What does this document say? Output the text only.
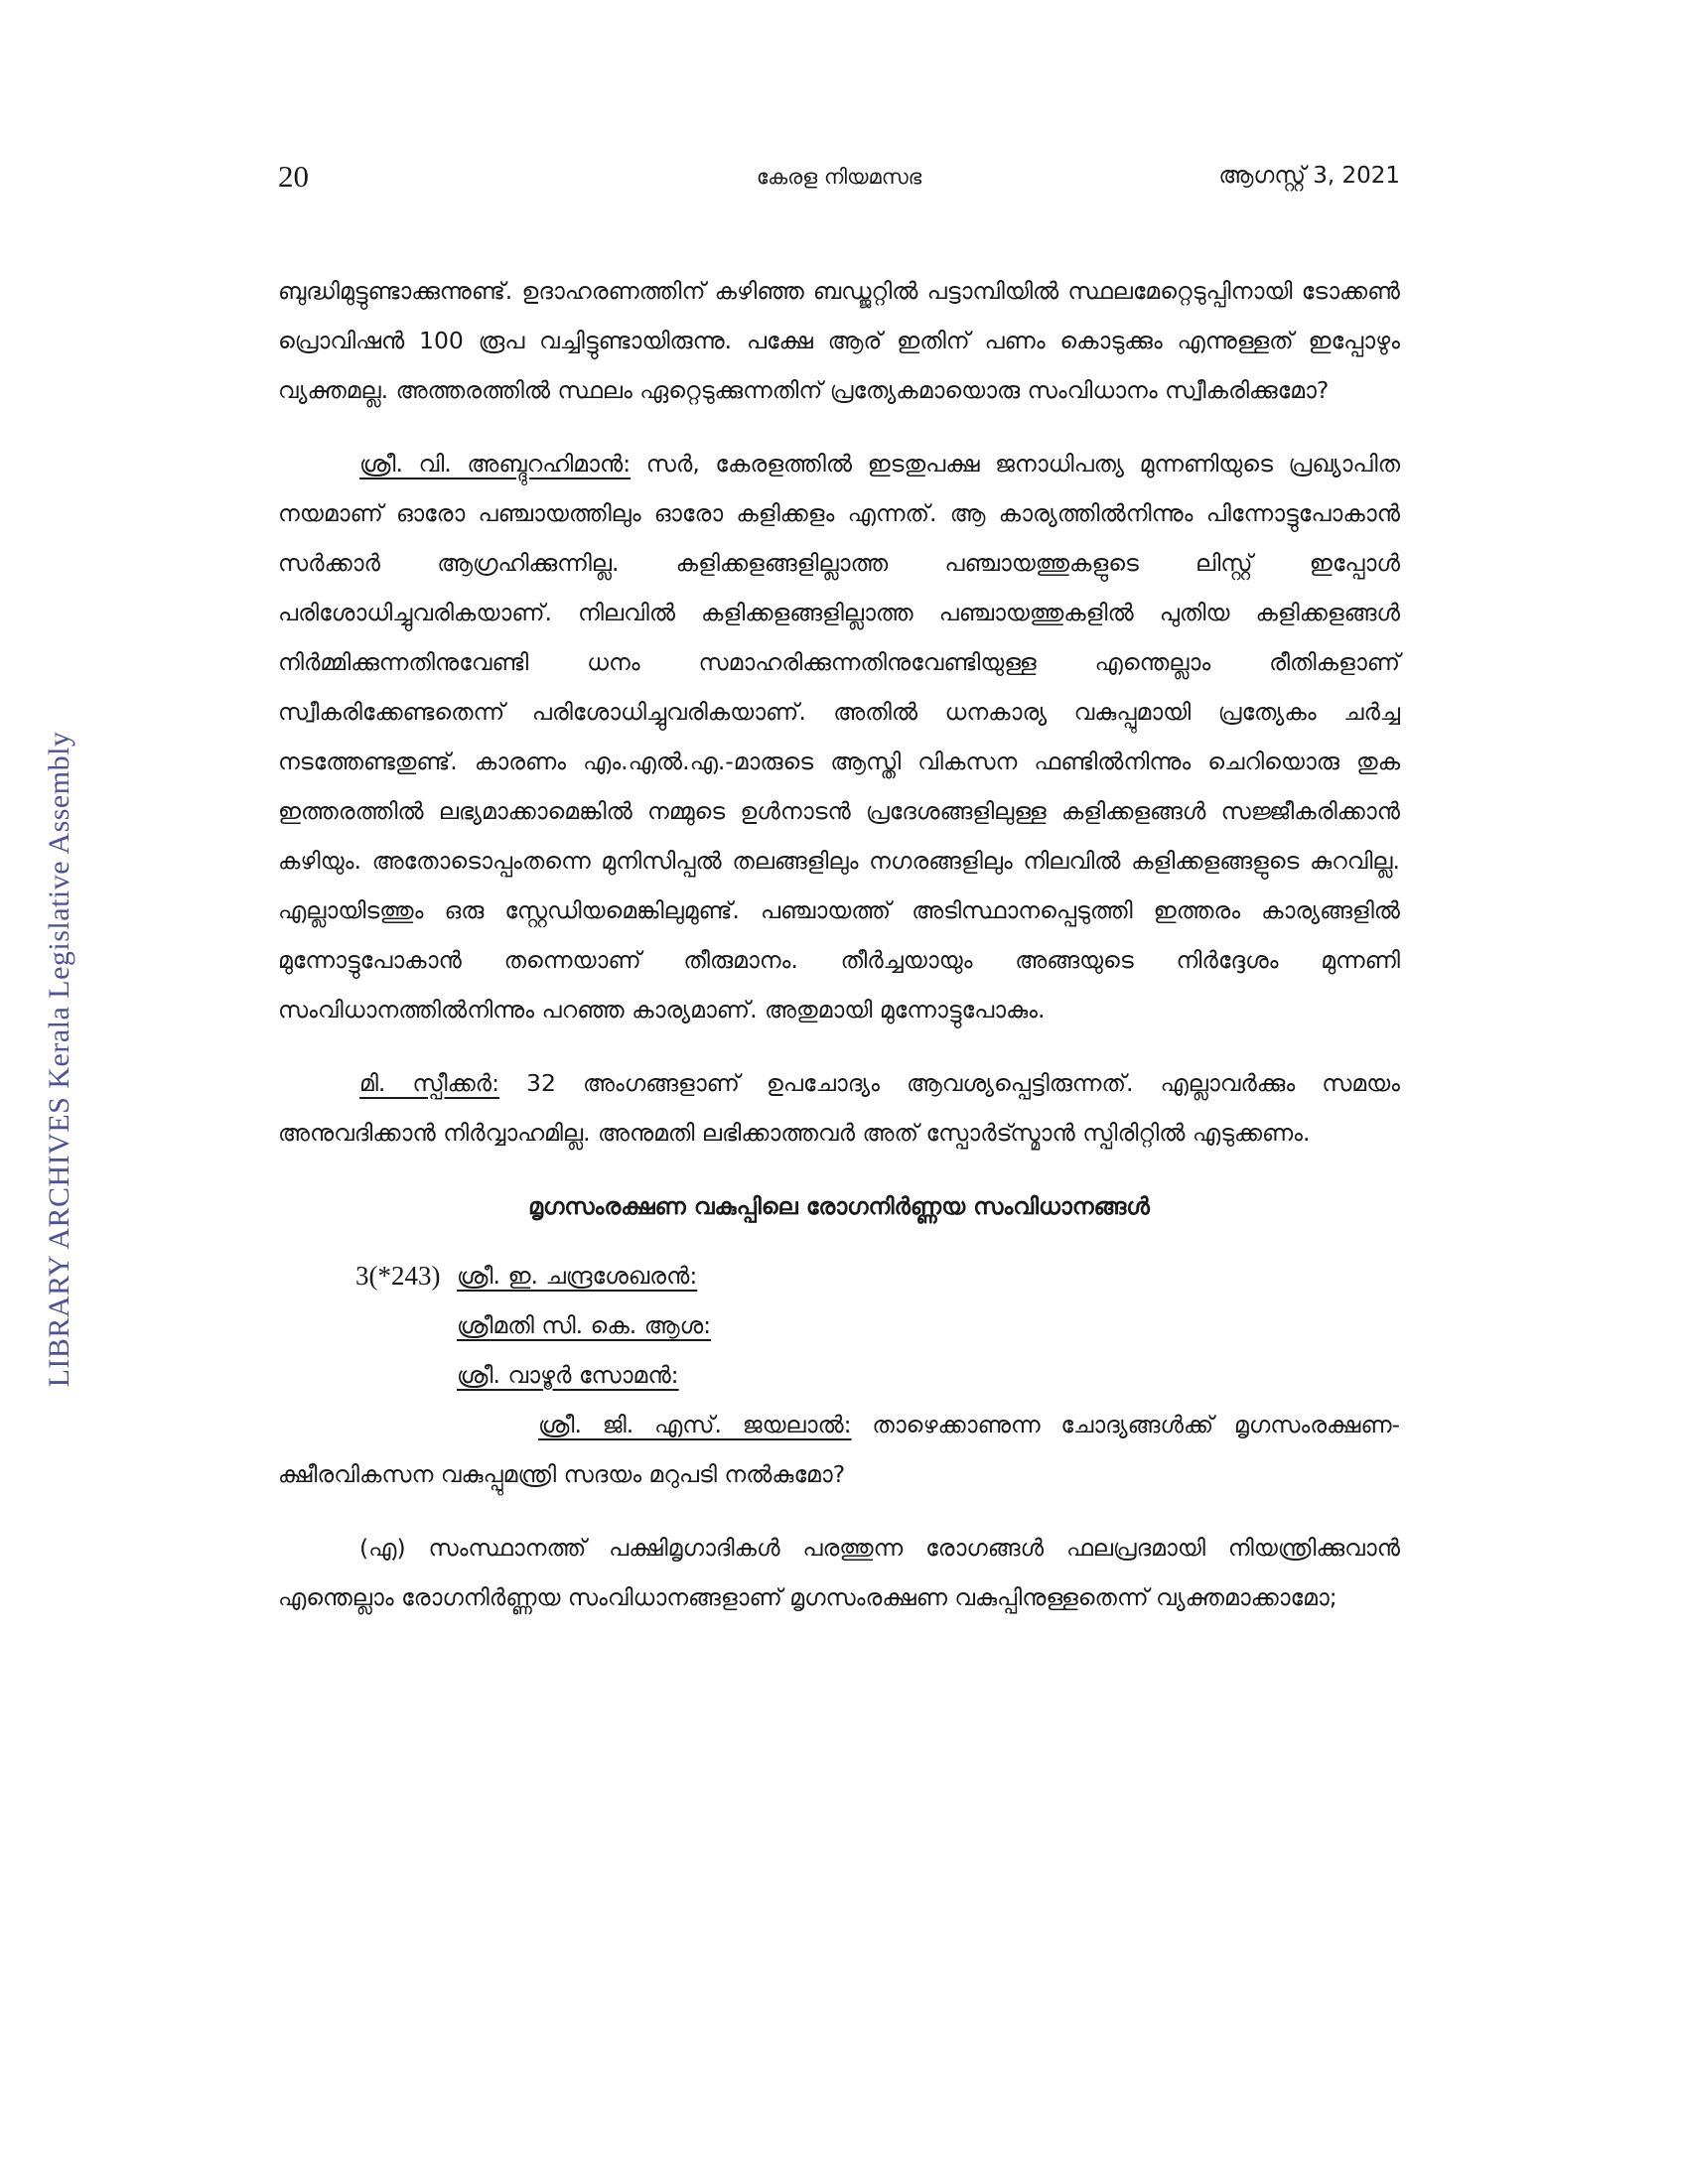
LIBRARY ARCHIVES Kerala Legislative Assembly
20	കേരള നിയമസഭ	ആഗസ്റ്റ് 3, 2021

ബുദ്ധിമുട്ടുണ്ടാക്കുന്നുണ്ട്. ഉദാഹരണത്തിന് കഴിഞ്ഞ ബഡ്ജറ്റിൽ പട്ടാമ്പിയിൽ സ്ഥലമേറ്റെടുപ്പിനായി ടോക്കൺ പ്രൊവിഷൻ 100 രൂപ വച്ചിട്ടുണ്ടായിരുന്നു. പക്ഷേ ആര് ഇതിന് പണം കൊടുക്കും എന്നുള്ളത് ഇപ്പോഴും വ്യക്തമല്ല. അത്തരത്തിൽ സ്ഥലം ഏറ്റെടുക്കുന്നതിന് പ്രത്യേകമായൊരു സംവിധാനം സ്വീകരിക്കുമോ?

ശ്രീ. വി. അബ്ദുറഹിമാൻ: സർ, കേരളത്തിൽ ഇടതുപക്ഷ ജനാധിപത്യ മുന്നണിയുടെ പ്രഖ്യാപിത നയമാണ് ഓരോ പഞ്ചായത്തിലും ഓരോ കളിക്കളം എന്നത്. ആ കാര്യത്തിൽനിന്നും പിന്നോട്ടുപോകാൻ സർക്കാർ ആഗ്രഹിക്കുന്നില്ല. കളിക്കളങ്ങളില്ലാത്ത പഞ്ചായത്തുകളുടെ ലിസ്റ്റ് ഇപ്പോൾ പരിശോധിച്ചുവരികയാണ്. നിലവിൽ കളിക്കളങ്ങളില്ലാത്ത പഞ്ചായത്തുകളിൽ പുതിയ കളിക്കളങ്ങൾ നിർമ്മിക്കുന്നതിനുവേണ്ടി ധനം സമാഹരിക്കുന്നതിനുവേണ്ടിയുള്ള എന്തെല്ലാം രീതികളാണ് സ്വീകരിക്കേണ്ടതെന്ന് പരിശോധിച്ചുവരികയാണ്. അതിൽ ധനകാര്യ വകുപ്പുമായി പ്രത്യേകം ചർച്ച നടത്തേണ്ടതുണ്ട്. കാരണം എം.എൽ.എ.-മാരുടെ ആസ്തി വികസന ഫണ്ടിൽനിന്നും ചെറിയൊരു തുക ഇത്തരത്തിൽ ലഭ്യമാക്കാമെങ്കിൽ നമ്മുടെ ഉൾനാടൻ പ്രദേശങ്ങളിലുള്ള കളിക്കളങ്ങൾ സജ്ജീകരിക്കാൻ കഴിയും. അതോടൊപ്പംതന്നെ മുനിസിപ്പൽ തലങ്ങളിലും നഗരങ്ങളിലും നിലവിൽ കളിക്കളങ്ങളുടെ കുറവില്ല. എല്ലായിടത്തും ഒരു സ്റ്റേഡിയമെങ്കിലുമുണ്ട്. പഞ്ചായത്ത് അടിസ്ഥാനപ്പെടുത്തി ഇത്തരം കാര്യങ്ങളിൽ മുന്നോട്ടുപോകാൻ തന്നെയാണ് തീരുമാനം. തീർച്ചയായും അങ്ങയുടെ നിർദ്ദേശം മുന്നണി സംവിധാനത്തിൽനിന്നും പറഞ്ഞ കാര്യമാണ്. അതുമായി മുന്നോട്ടുപോകും.

മി. സ്പീക്കർ: 32 അംഗങ്ങളാണ് ഉപചോദ്യം ആവശ്യപ്പെട്ടിരുന്നത്. എല്ലാവർക്കും സമയം അനുവദിക്കാൻ നിർവ്വാഹമില്ല. അനുമതി ലഭിക്കാത്തവർ അത് സ്പോർട്സ്മാൻ സ്പിരിറ്റിൽ എടുക്കണം.

മൃഗസംരക്ഷണ വകുപ്പിലെ രോഗനിർണ്ണയ സംവിധാനങ്ങൾ
3(*243) ശ്രീ. ഇ. ചന്ദ്രശേഖരൻ:
ശ്രീമതി സി. കെ. ആശ:
ശ്രീ. വാഴൂർ സോമൻ:

ശ്രീ. ജി. എസ്. ജയലാൽ: താഴെക്കാണുന്ന ചോദ്യങ്ങൾക്ക് മൃഗസംരക്ഷണ-ക്ഷീരവികസന വകുപ്പുമന്ത്രി സദയം മറുപടി നൽകുമോ?

(എ) സംസ്ഥാനത്ത് പക്ഷിമൃഗാദികൾ പരത്തുന്ന രോഗങ്ങൾ ഫലപ്രദമായി നിയന്ത്രിക്കുവാൻ എന്തെല്ലാം രോഗനിർണ്ണയ സംവിധാനങ്ങളാണ് മൃഗസംരക്ഷണ വകുപ്പിനുള്ളതെന്ന് വ്യക്തമാക്കാമോ;
